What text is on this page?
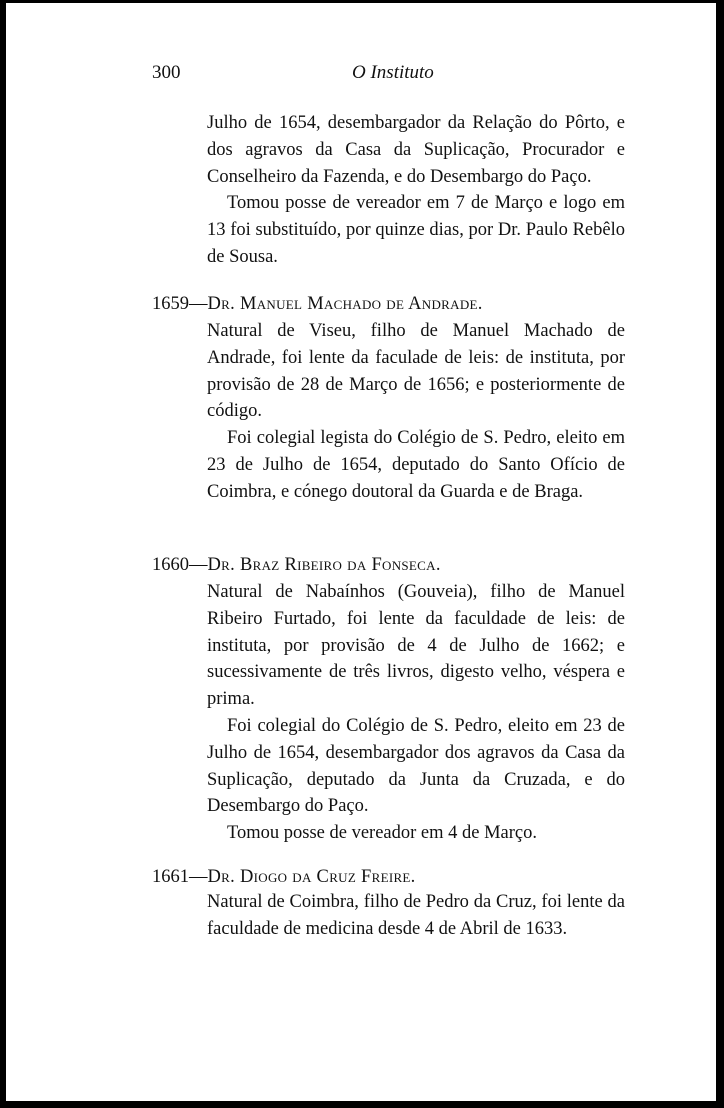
300	O Instituto

Julho de 1654, desembargador da Relação do Pôrto, e dos agravos da Casa da Suplicação, Procurador e Conselheiro da Fazenda, e do Desembargo do Paço.

Tomou posse de vereador em 7 de Março e logo em 13 foi substituído, por quinze dias, por Dr. Paulo Rebêlo de Sousa.

1659—Dr. Manuel Machado de Andrade.

Natural de Viseu, filho de Manuel Machado de Andrade, foi lente da faculade de leis: de instituta, por provisão de 28 de Março de 1656; e posteriormente de código.

Foi colegial legista do Colégio de S. Pedro, eleito em 23 de Julho de 1654, deputado do Santo Ofício de Coimbra, e cónego doutoral da Guarda e de Braga.

1660—Dr. Braz Ribeiro da Fonseca.

Natural de Nabaínhos (Gouveia), filho de Manuel Ribeiro Furtado, foi lente da faculdade de leis: de instituta, por provisão de 4 de Julho de 1662; e sucessivamente de três livros, digesto velho, véspera e prima.

Foi colegial do Colégio de S. Pedro, eleito em 23 de Julho de 1654, desembargador dos agravos da Casa da Suplicação, deputado da Junta da Cruzada, e do Desembargo do Paço.

Tomou posse de vereador em 4 de Março.

1661—Dr. Diogo da Cruz Freire.

Natural de Coimbra, filho de Pedro da Cruz, foi lente da faculdade de medicina desde 4 de Abril de 1633.
